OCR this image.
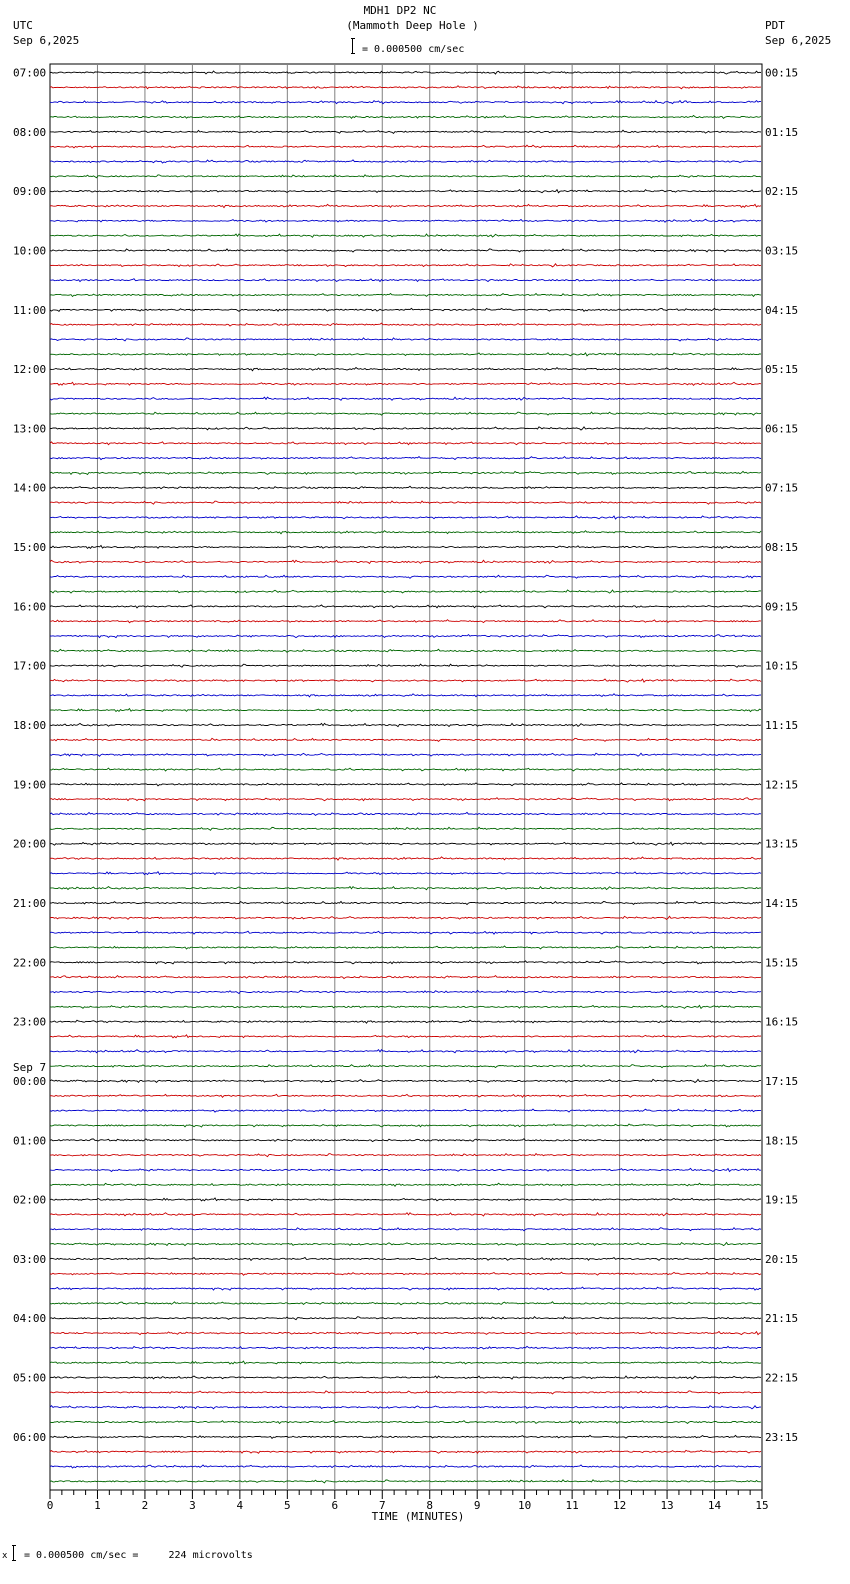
MDH1 DP2 NC
(Mammoth Deep Hole )
= 0.000500 cm/sec
UTC
Sep 6,2025
PDT
Sep 6,2025
0	1	2	3	4	5	6	7	8	9	10	11	12	13	14	15
TIME (MINUTES)
07:00
08:00
09:00
10:00
11:00
12:00
13:00
14:00
15:00
16:00
17:00
18:00
19:00
20:00
21:00
22:00
23:00
00:00
01:00
02:00
03:00
04:00
05:00
06:00
00:15
01:15
02:15
03:15
04:15
05:15
06:15
07:15
08:15
09:15
10:15
11:15
12:15
13:15
14:15
15:15
16:15
17:15
18:15
19:15
20:15
21:15
22:15
23:15
Sep 7
x = 0.000500 cm/sec =     224 microvolts
